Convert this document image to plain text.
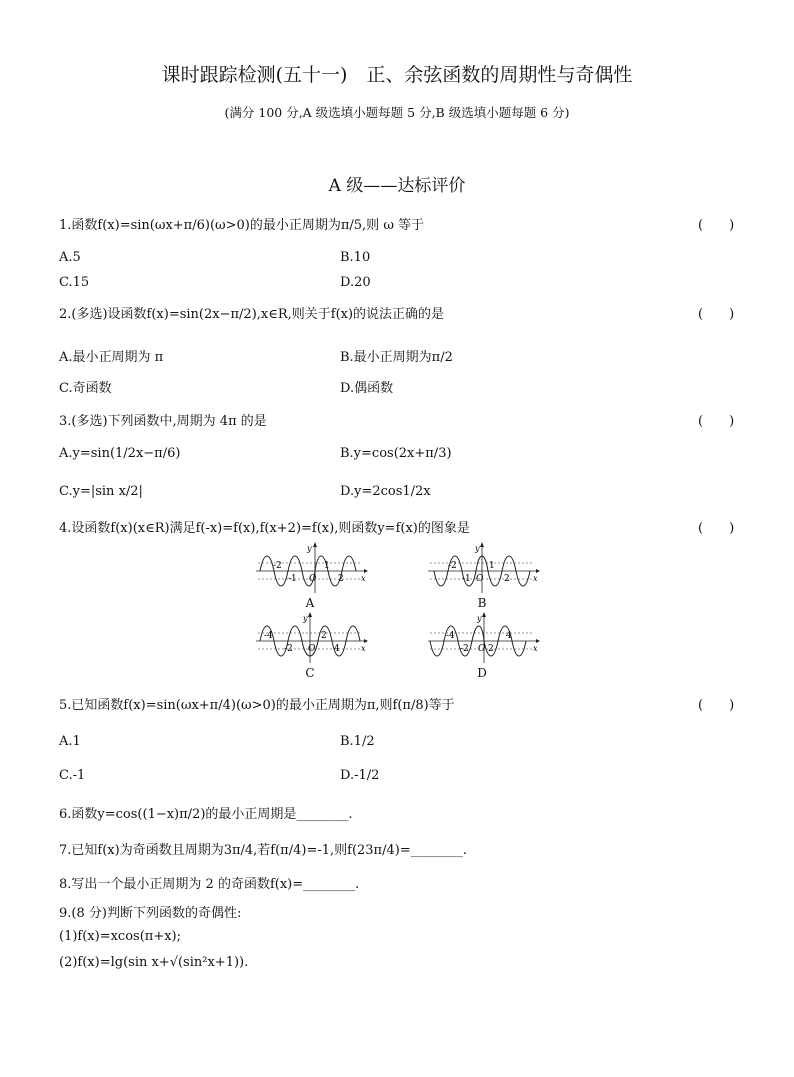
课时跟踪检测(五十一)　正、余弦函数的周期性与奇偶性
(满分 100 分,A 级选填小题每题 5 分,B 级选填小题每题 6 分)
A 级——达标评价
1.函数f(x)=sin(ωx+π/6)(ω>0)的最小正周期为π/5,则 ω 等于	(　　)
A.5	B.10
C.15	D.20
2.(多选)设函数f(x)=sin(2x−π/2),x∈R,则关于f(x)的说法正确的是	(　　)
A.最小正周期为 π	B.最小正周期为π/2
C.奇函数	D.偶函数
3.(多选)下列函数中,周期为 4π 的是	(　　)
A.y=sin(1/2x−π/6)	B.y=cos(2x+π/3)
C.y=|sin x/2|	D.y=2cos1/2x
4.设函数f(x)(x∈R)满足f(-x)=f(x),f(x+2)=f(x),则函数y=f(x)的图象是	(　　)
-2
-1 O
1
2 x
y
A
-2
-1 O
1
2	x
y
B
-4
-2 O
2
4	x
y
C
-4
-2 O 2
4
x
y
D
5.已知函数f(x)=sin(ωx+π/4)(ω>0)的最小正周期为π,则f(π/8)等于	(　　)
A.1	B.1/2
C.-1	D.-1/2
6.函数y=cos((1−x)π/2)的最小正周期是________.
7.已知f(x)为奇函数且周期为3π/4,若f(π/4)=-1,则f(23π/4)=________.
8.写出一个最小正周期为 2 的奇函数f(x)=________.
9.(8 分)判断下列函数的奇偶性:
(1)f(x)=xcos(π+x);
(2)f(x)=lg(sin x+√(sin²x+1)).
